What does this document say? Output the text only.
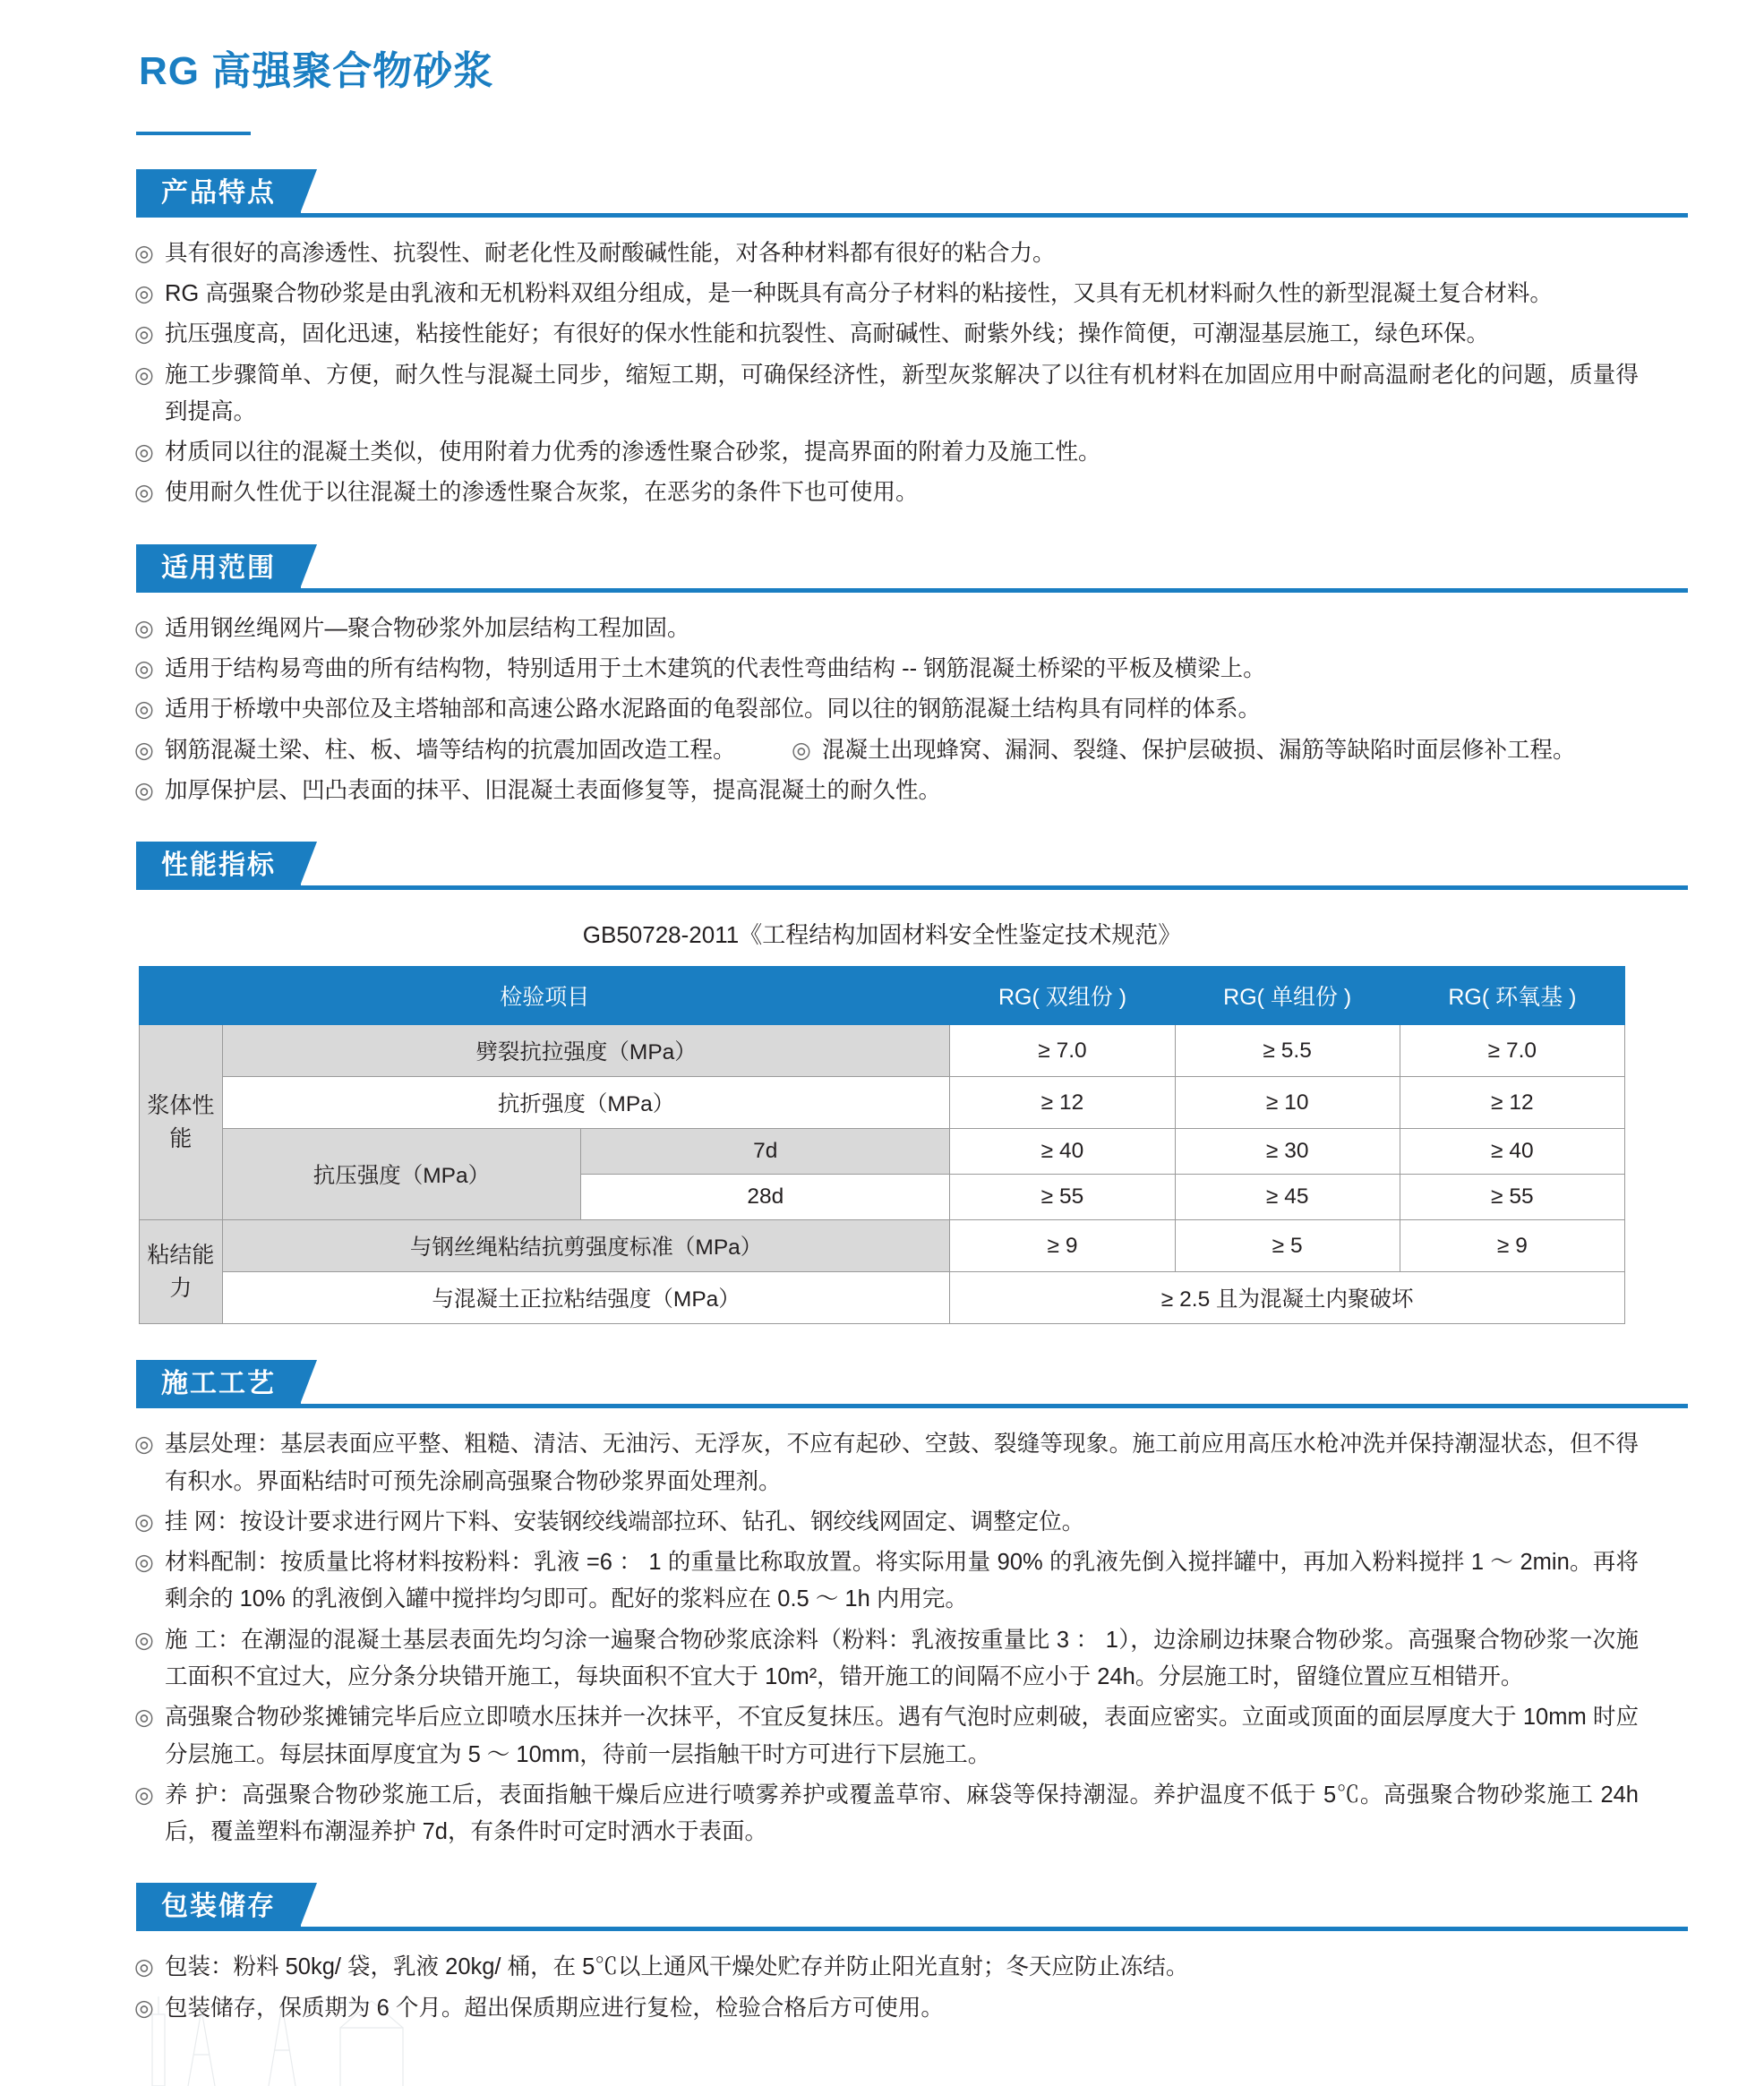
RG 高强聚合物砂浆
产品特点
◎ 具有很好的高渗透性、抗裂性、耐老化性及耐酸碱性能，对各种材料都有很好的粘合力。
◎ RG 高强聚合物砂浆是由乳液和无机粉料双组分组成，是一种既具有高分子材料的粘接性，又具有无机材料耐久性的新型混凝土复合材料。
◎ 抗压强度高，固化迅速，粘接性能好；有很好的保水性能和抗裂性、高耐碱性、耐紫外线；操作简便，可潮湿基层施工，绿色环保。
◎ 施工步骤简单、方便，耐久性与混凝土同步，缩短工期，可确保经济性，新型灰浆解决了以往有机材料在加固应用中耐高温耐老化的问题，质量得到提高。
◎ 材质同以往的混凝土类似，使用附着力优秀的渗透性聚合砂浆，提高界面的附着力及施工性。
◎ 使用耐久性优于以往混凝土的渗透性聚合灰浆，在恶劣的条件下也可使用。
适用范围
◎ 适用钢丝绳网片—聚合物砂浆外加层结构工程加固。
◎ 适用于结构易弯曲的所有结构物，特别适用于土木建筑的代表性弯曲结构 -- 钢筋混凝土桥梁的平板及横梁上。
◎ 适用于桥墩中央部位及主塔轴部和高速公路水泥路面的龟裂部位。同以往的钢筋混凝土结构具有同样的体系。
◎ 钢筋混凝土梁、柱、板、墙等结构的抗震加固改造工程。	◎ 混凝土出现蜂窝、漏洞、裂缝、保护层破损、漏筋等缺陷时面层修补工程。
◎ 加厚保护层、凹凸表面的抹平、旧混凝土表面修复等，提高混凝土的耐久性。
性能指标
GB50728-2011《工程结构加固材料安全性鉴定技术规范》
检验项目			RG( 双组份 )	RG( 单组份 )	RG( 环氧基 )
浆体性能	劈裂抗拉强度（MPa）		≥ 7.0	≥ 5.5	≥ 7.0
	抗折强度（MPa）		≥ 12	≥ 10	≥ 12
	抗压强度（MPa）	7d	≥ 40	≥ 30	≥ 40
		28d	≥ 55	≥ 45	≥ 55
粘结能力	与钢丝绳粘结抗剪强度标准（MPa）		≥ 9	≥ 5	≥ 9
	与混凝土正拉粘结强度（MPa）		≥ 2.5 且为混凝土内聚破坏		
施工工艺
◎ 基层处理：基层表面应平整、粗糙、清洁、无油污、无浮灰，不应有起砂、空鼓、裂缝等现象。施工前应用高压水枪冲洗并保持潮湿状态，但不得有积水。界面粘结时可预先涂刷高强聚合物砂浆界面处理剂。
◎ 挂 网：按设计要求进行网片下料、安装钢绞线端部拉环、钻孔、钢绞线网固定、调整定位。
◎ 材料配制：按质量比将材料按粉料：乳液 =6 ： 1 的重量比称取放置。将实际用量 90% 的乳液先倒入搅拌罐中，再加入粉料搅拌 1 ～ 2min。再将剩余的 10% 的乳液倒入罐中搅拌均匀即可。配好的浆料应在 0.5 ～ 1h 内用完。
◎ 施 工：在潮湿的混凝土基层表面先均匀涂一遍聚合物砂浆底涂料（粉料：乳液按重量比 3 ： 1），边涂刷边抹聚合物砂浆。高强聚合物砂浆一次施工面积不宜过大，应分条分块错开施工，每块面积不宜大于 10m²，错开施工的间隔不应小于 24h。分层施工时，留缝位置应互相错开。
◎ 高强聚合物砂浆摊铺完毕后应立即喷水压抹并一次抹平，不宜反复抹压。遇有气泡时应刺破，表面应密实。立面或顶面的面层厚度大于 10mm 时应分层施工。每层抹面厚度宜为 5 ～ 10mm，待前一层指触干时方可进行下层施工。
◎ 养 护：高强聚合物砂浆施工后，表面指触干燥后应进行喷雾养护或覆盖草帘、麻袋等保持潮湿。养护温度不低于 5℃。高强聚合物砂浆施工 24h 后，覆盖塑料布潮湿养护 7d，有条件时可定时洒水于表面。
包装储存
◎ 包装：粉料 50kg/ 袋，乳液 20kg/ 桶，在 5℃以上通风干燥处贮存并防止阳光直射；冬天应防止冻结。
◎ 包装储存，保质期为 6 个月。超出保质期应进行复检，检验合格后方可使用。
